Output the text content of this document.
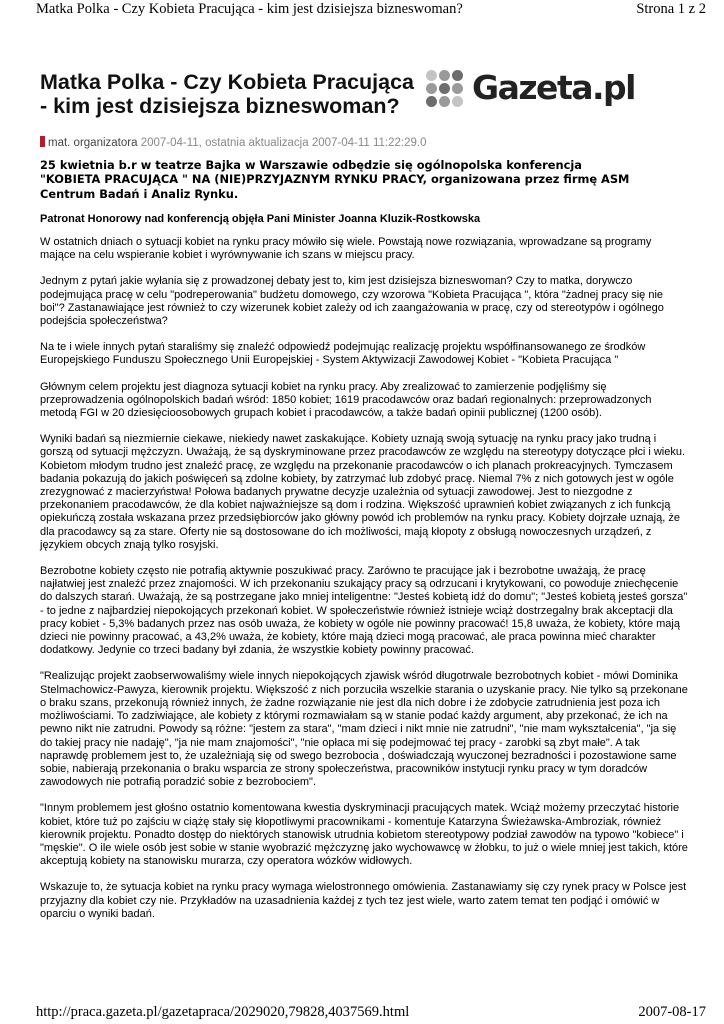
Matka Polka - Czy Kobieta Pracująca - kim jest dzisiejsza bizneswoman?	Strona 1 z 2
Matka Polka - Czy Kobieta Pracująca - kim jest dzisiejsza bizneswoman?	Gazeta.pl
mat. organizatora 2007-04-11, ostatnia aktualizacja 2007-04-11 11:22:29.0

25 kwietnia b.r w teatrze Bajka w Warszawie odbędzie się ogólnopolska konferencja "KOBIETA PRACUJĄCA " NA (NIE)PRZYJAZNYM RYNKU PRACY, organizowana przez firmę ASM Centrum Badań i Analiz Rynku.

Patronat Honorowy nad konferencją objęła Pani Minister Joanna Kluzik-Rostkowska

W ostatnich dniach o sytuacji kobiet na rynku pracy mówiło się wiele. Powstają nowe rozwiązania, wprowadzane są programy mające na celu wspieranie kobiet i wyrównywanie ich szans w miejscu pracy.

Jednym z pytań jakie wyłania się z prowadzonej debaty jest to, kim jest dzisiejsza bizneswoman? Czy to matka, dorywczo podejmująca pracę w celu "podreperowania" budżetu domowego, czy wzorowa "Kobieta Pracująca ", która "żadnej pracy się nie boi"? Zastanawiające jest również to czy wizerunek kobiet zależy od ich zaangażowania w pracę, czy od stereotypów i ogólnego podejścia społeczeństwa?

Na te i wiele innych pytań staraliśmy się znaleźć odpowiedź podejmując realizację projektu współfinansowanego ze środków Europejskiego Funduszu Społecznego Unii Europejskiej - System Aktywizacji Zawodowej Kobiet - "Kobieta Pracująca "

Głównym celem projektu jest diagnoza sytuacji kobiet na rynku pracy. Aby zrealizować to zamierzenie podjęliśmy się przeprowadzenia ogólnopolskich badań wśród: 1850 kobiet; 1619 pracodawców oraz badań regionalnych: przeprowadzonych metodą FGI w 20 dziesięcioosobowych grupach kobiet i pracodawców, a także badań opinii publicznej (1200 osób).

Wyniki badań są niezmiernie ciekawe, niekiedy nawet zaskakujące. Kobiety uznają swoją sytuację na rynku pracy jako trudną i gorszą od sytuacji mężczyzn. Uważają, że są dyskryminowane przez pracodawców ze względu na stereotypy dotyczące płci i wieku. Kobietom młodym trudno jest znaleźć pracę, ze względu na przekonanie pracodawców o ich planach prokreacyjnych. Tymczasem badania pokazują do jakich poświęceń są zdolne kobiety, by zatrzymać lub zdobyć pracę. Niemal 7% z nich gotowych jest w ogóle zrezygnować z macierzyństwa! Połowa badanych prywatne decyzje uzależnia od sytuacji zawodowej. Jest to niezgodne z przekonaniem pracodawców, że dla kobiet najważniejsze są dom i rodzina. Większość uprawnień kobiet związanych z ich funkcją opiekuńczą została wskazana przez przedsiębiorców jako główny powód ich problemów na rynku pracy. Kobiety dojrzałe uznają, że dla pracodawcy są za stare. Oferty nie są dostosowane do ich możliwości, mają kłopoty z obsługą nowoczesnych urządzeń, z językiem obcych znają tylko rosyjski.

Bezrobotne kobiety często nie potrafią aktywnie poszukiwać pracy. Zarówno te pracujące jak i bezrobotne uważają, że pracę najłatwiej jest znaleźć przez znajomości. W ich przekonaniu szukający pracy są odrzucani i krytykowani, co powoduje zniechęcenie do dalszych starań. Uważają, że są postrzegane jako mniej inteligentne: "Jesteś kobietą idź do domu"; "Jesteś kobietą jesteś gorsza" - to jedne z najbardziej niepokojących przekonań kobiet. W społeczeństwie również istnieje wciąż dostrzegalny brak akceptacji dla pracy kobiet - 5,3% badanych przez nas osób uważa, że kobiety w ogóle nie powinny pracować! 15,8 uważa, że kobiety, które mają dzieci nie powinny pracować, a 43,2% uważa, że kobiety, które mają dzieci mogą pracować, ale praca powinna mieć charakter dodatkowy. Jedynie co trzeci badany był zdania, że wszystkie kobiety powinny pracować.

"Realizując projekt zaobserwowaliśmy wiele innych niepokojących zjawisk wśród długotrwale bezrobotnych kobiet - mówi Dominika Stelmachowicz-Pawyza, kierownik projektu. Większość z nich porzuciła wszelkie starania o uzyskanie pracy. Nie tylko są przekonane o braku szans, przekonują również innych, że żadne rozwiązanie nie jest dla nich dobre i że zdobycie zatrudnienia jest poza ich możliwościami. To zadziwiające, ale kobiety z którymi rozmawiałam są w stanie podać każdy argument, aby przekonać, że ich na pewno nikt nie zatrudni. Powody są różne: "jestem za stara", "mam dzieci i nikt mnie nie zatrudni", "nie mam wykształcenia", "ja się do takiej pracy nie nadaję", "ja nie mam znajomości", "nie opłaca mi się podejmować tej pracy - zarobki są zbyt małe". A tak naprawdę problemem jest to, że uzależniają się od swego bezrobocia , doświadczają wyuczonej bezradności i pozostawione same sobie, nabierają przekonania o braku wsparcia ze strony społeczeństwa, pracowników instytucji rynku pracy w tym doradców zawodowych nie potrafią poradzić sobie z bezrobociem".

"Innym problemem jest głośno ostatnio komentowana kwestia dyskryminacji pracujących matek. Wciąż możemy przeczytać historie kobiet, które tuż po zajściu w ciążę stały się kłopotliwymi pracownikami - komentuje Katarzyna Świeżawska-Ambroziak, również kierownik projektu. Ponadto dostęp do niektórych stanowisk utrudnia kobietom stereotypowy podział zawodów na typowo "kobiece" i "męskie". O ile wiele osób jest sobie w stanie wyobrazić mężczyznę jako wychowawcę w żłobku, to już o wiele mniej jest takich, które akceptują kobiety na stanowisku murarza, czy operatora wózków widłowych.

Wskazuje to, że sytuacja kobiet na rynku pracy wymaga wielostronnego omówienia. Zastanawiamy się czy rynek pracy w Polsce jest przyjazny dla kobiet czy nie. Przykładów na uzasadnienia każdej z tych tez jest wiele, warto zatem temat ten podjąć i omówić w oparciu o wyniki badań.

http://praca.gazeta.pl/gazetapraca/2029020,79828,4037569.html	2007-08-17
